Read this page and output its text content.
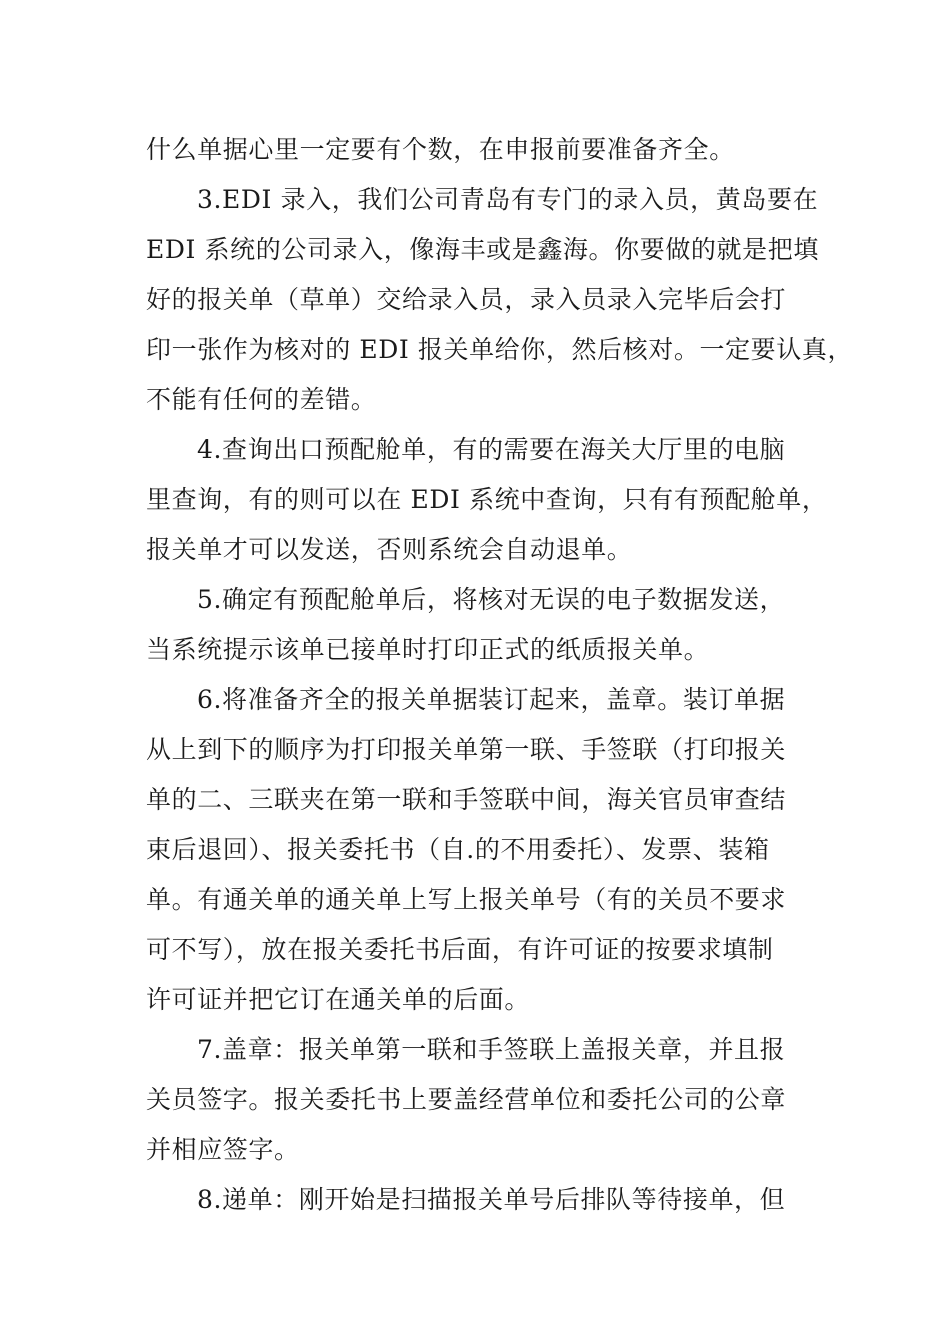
什么单据心里一定要有个数，在申报前要准备齐全。
3.EDI 录入，我们公司青岛有专门的录入员，黄岛要在
EDI 系统的公司录入，像海丰或是鑫海。你要做的就是把填
好的报关单（草单）交给录入员，录入员录入完毕后会打
印一张作为核对的 EDI 报关单给你，然后核对。一定要认真，
不能有任何的差错。
4.查询出口预配舱单，有的需要在海关大厅里的电脑
里查询，有的则可以在 EDI 系统中查询，只有有预配舱单，
报关单才可以发送，否则系统会自动退单。
5.确定有预配舱单后，将核对无误的电子数据发送，
当系统提示该单已接单时打印正式的纸质报关单。
6.将准备齐全的报关单据装订起来，盖章。装订单据
从上到下的顺序为打印报关单第一联、手签联（打印报关
单的二、三联夹在第一联和手签联中间，海关官员审查结
束后退回）、报关委托书（自.的不用委托）、发票、装箱
单。有通关单的通关单上写上报关单号（有的关员不要求
可不写），放在报关委托书后面，有许可证的按要求填制
许可证并把它订在通关单的后面。
7.盖章：报关单第一联和手签联上盖报关章，并且报
关员签字。报关委托书上要盖经营单位和委托公司的公章
并相应签字。
8.递单：刚开始是扫描报关单号后排队等待接单，但
